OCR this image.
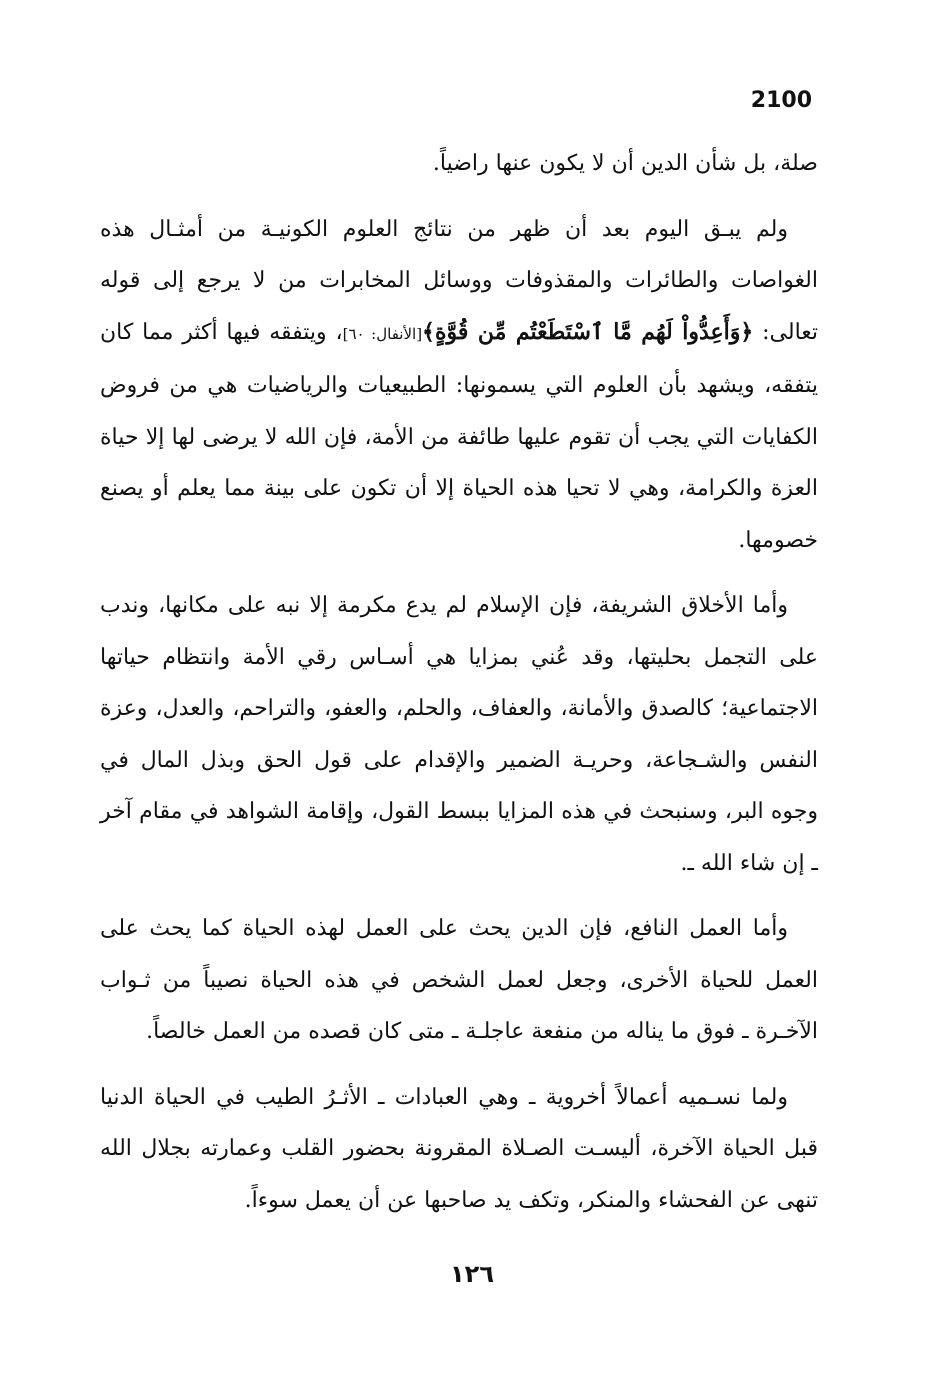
2100

صلة، بل شأن الدين أن لا يكون عنها راضياً.

ولم يبـق اليوم بعد أن ظهر من نتائج العلوم الكونيـة من أمثـال هذه الغواصات والطائرات والمقذوفات ووسائل المخابرات من لا يرجع إلى قوله تعالى: ﴿وَأَعِدُّواْ لَهُم مَّا ٱسْتَطَعْتُم مِّن قُوَّةٍ﴾[الأنفال: ٦٠]، ويتفقه فيها أكثر مما كان يتفقه، ويشهد بأن العلوم التي يسمونها: الطبيعيات والرياضيات هي من فروض الكفايات التي يجب أن تقوم عليها طائفة من الأمة، فإن الله لا يرضى لها إلا حياة العزة والكرامة، وهي لا تحيا هذه الحياة إلا أن تكون على بينة مما يعلم أو يصنع خصومها.

وأما الأخلاق الشريفة، فإن الإسلام لم يدع مكرمة إلا نبه على مكانها، وندب على التجمل بحليتها، وقد عُني بمزايا هي أسـاس رقي الأمة وانتظام حياتها الاجتماعية؛ كالصدق والأمانة، والعفاف، والحلم، والعفو، والتراحم، والعدل، وعزة النفس والشـجاعة، وحريـة الضمير والإقدام على قول الحق وبذل المال في وجوه البر، وسنبحث في هذه المزايا ببسط القول، وإقامة الشواهد في مقام آخر ـ إن شاء الله ـ.

وأما العمل النافع، فإن الدين يحث على العمل لهذه الحياة كما يحث على العمل للحياة الأخرى، وجعل لعمل الشخص في هذه الحياة نصيباً من ثـواب الآخـرة ـ فوق ما يناله من منفعة عاجلـة ـ متى كان قصده من العمل خالصاً.

ولما نسـميه أعمالاً أخروية ـ وهي العبادات ـ الأثـرُ الطيب في الحياة الدنيا قبل الحياة الآخرة، أليسـت الصـلاة المقرونة بحضور القلب وعمارته بجلال الله تنهى عن الفحشاء والمنكر، وتكف يد صاحبها عن أن يعمل سوءاً.

١٢٦
